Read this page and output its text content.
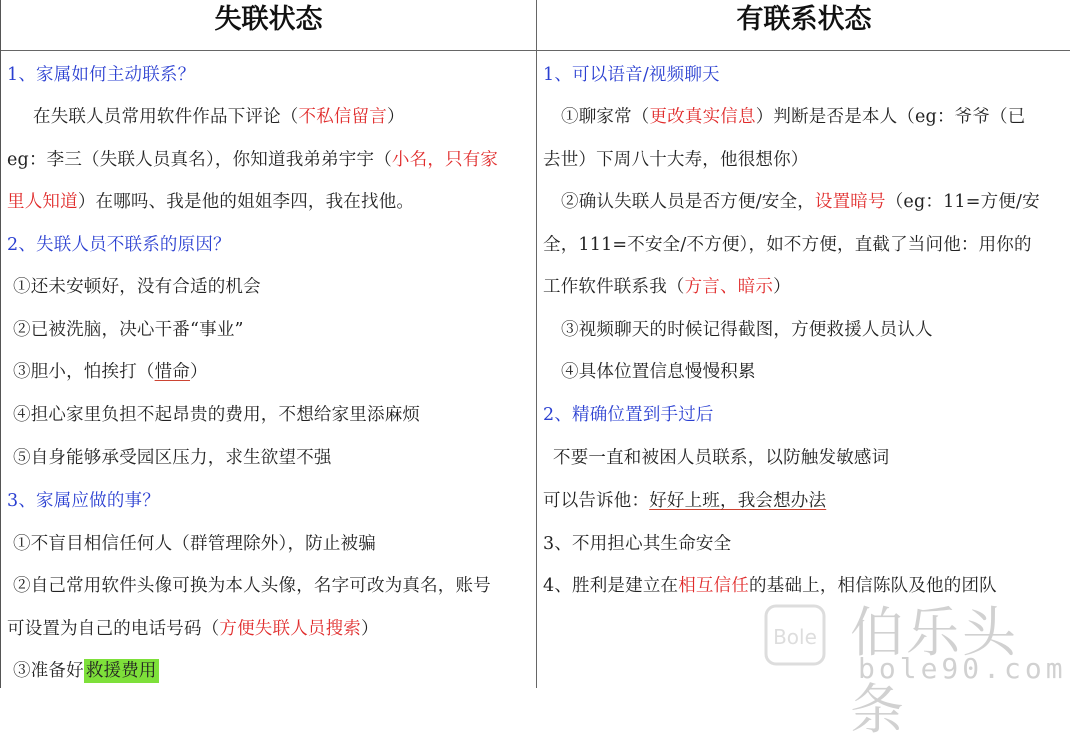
失联状态	有联系状态
1、家属如何主动联系？
在失联人员常用软件作品下评论（不私信留言）
eg：李三（失联人员真名），你知道我弟弟宇宇（小名，只有家
里人知道）在哪吗、我是他的姐姐李四，我在找他。
2、失联人员不联系的原因？
①还未安顿好，没有合适的机会
②已被洗脑，决心干番“事业”
③胆小，怕挨打（惜命）
④担心家里负担不起昂贵的费用，不想给家里添麻烦
⑤自身能够承受园区压力，求生欲望不强
3、家属应做的事？
①不盲目相信任何人（群管理除外），防止被骗
②自己常用软件头像可换为本人头像，名字可改为真名，账号
可设置为自己的电话号码（方便失联人员搜索）
③准备好 救援费用
1、可以语音/视频聊天
①聊家常（更改真实信息）判断是否是本人（eg：爷爷（已
去世）下周八十大寿，他很想你）
②确认失联人员是否方便/安全，设置暗号（eg：11=方便/安
全，111=不安全/不方便），如不方便，直截了当问他：用你的
工作软件联系我（方言、暗示）
③视频聊天的时候记得截图，方便救援人员认人
④具体位置信息慢慢积累
2、精确位置到手过后
不要一直和被困人员联系，以防触发敏感词
可以告诉他：好好上班，我会想办法
3、不用担心其生命安全
4、胜利是建立在相互信任的基础上，相信陈队及他的团队
Bole 伯乐头条
bole90.com
